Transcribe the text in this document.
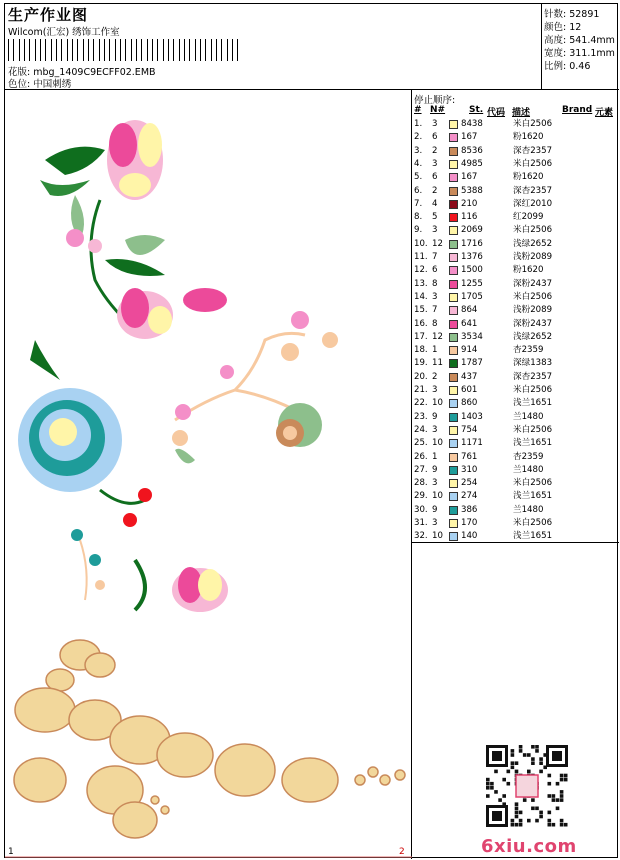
生产作业图
Wilcom(汇宏) 绣饰工作室
花版: mbg_1409C9ECFF02.EMB
色位: 中国刺绣
针数: 52891
颜色: 12
高度: 541.4mm
宽度: 311.1mm
比例: 0.46
1	2
停止顺序:
# N#	St. 代码 描述	Brand 元素
1. 3	8438	米白2506
2. 6	167	粉1620
3. 2	8536	深杏2357
4. 3	4985	米白2506
5. 6	167	粉1620
6. 2	5388	深杏2357
7. 4	210	深红2010
8. 5	116	红2099
9. 3	2069	米白2506
10. 12 1716	浅绿2652
11. 7	1376	浅粉2089
12. 6	1500	粉1620
13. 8	1255	深粉2437
14. 3	1705	米白2506
15. 7	864	浅粉2089
16. 8	641	深粉2437
17. 12 3534	浅绿2652
18. 1	914	杏2359
19. 11 1787	深绿1383
20. 2	437	深杏2357
21. 3	601	米白2506
22. 10 860	浅兰1651
23. 9	1403	兰1480
24. 3	754	米白2506
25. 10 1171	浅兰1651
26. 1	761	杏2359
27. 9	310	兰1480
28. 3	254	米白2506
29. 10 274	浅兰1651
30. 9	386	兰1480
31. 3	170	米白2506
32. 10 140	浅兰1651
6xiu.com
